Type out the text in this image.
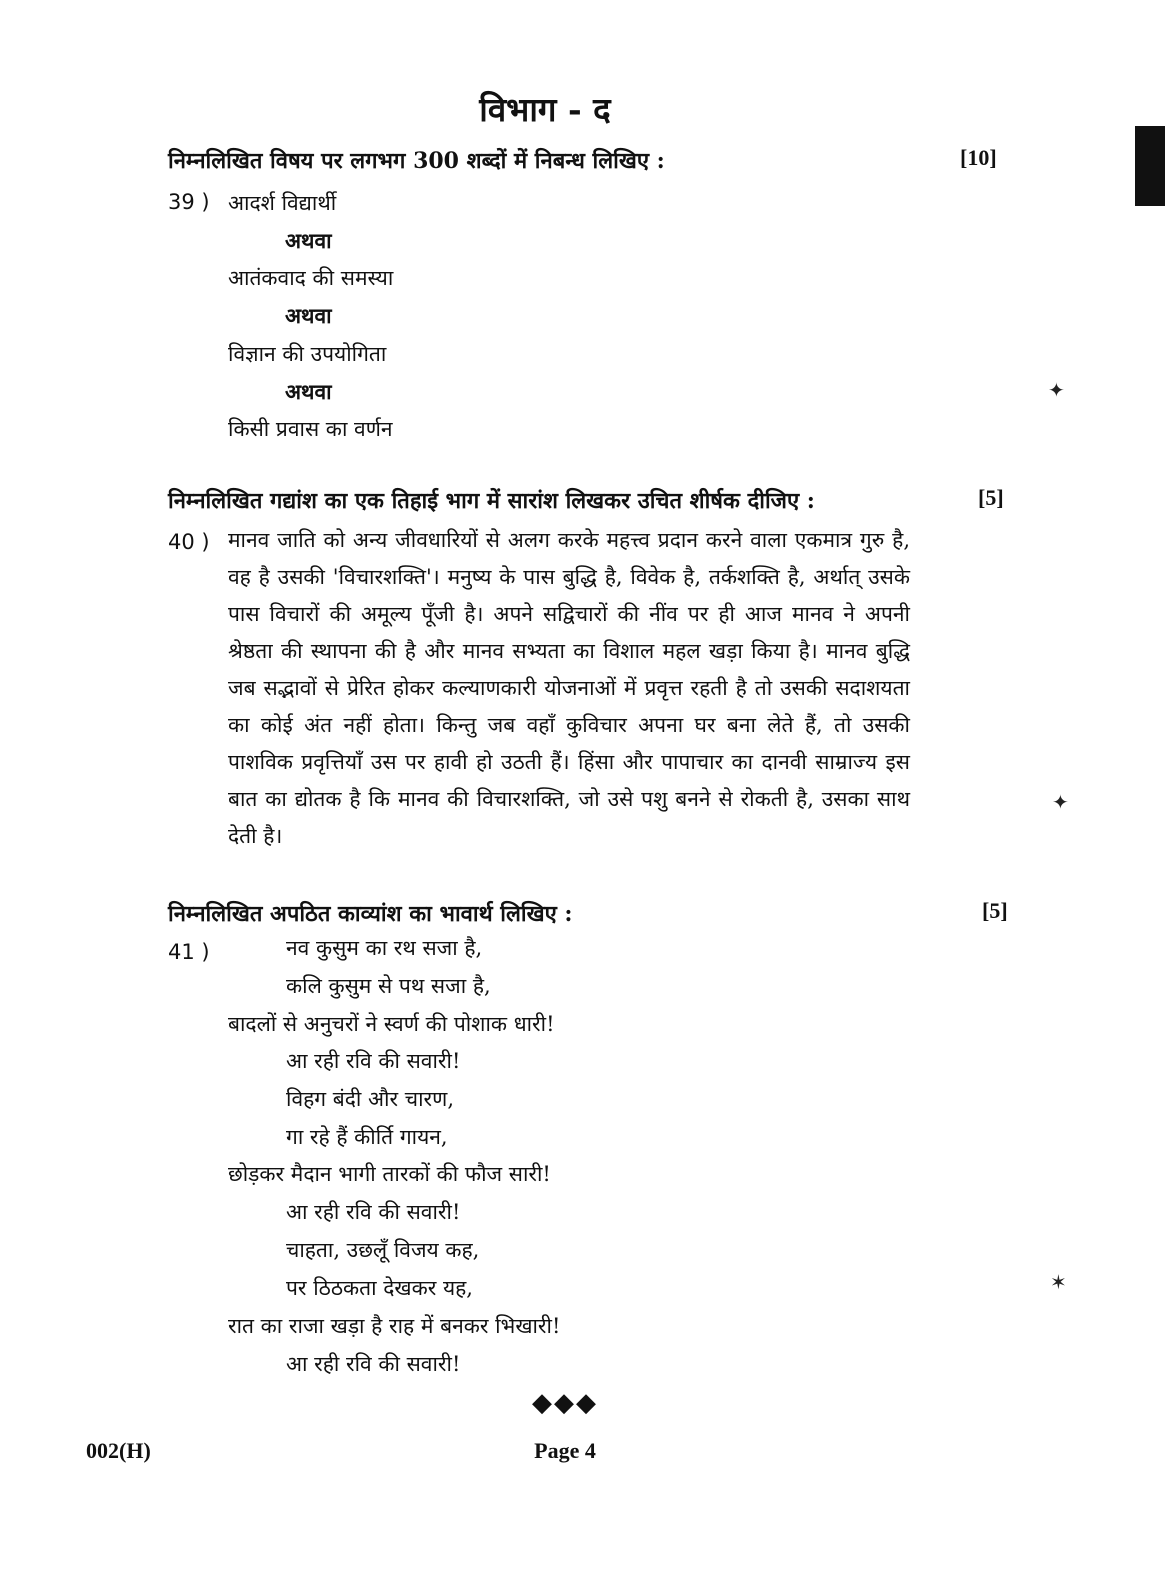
विभाग - द
निम्नलिखित विषय पर लगभग 300 शब्दों में निबन्ध लिखिए :	[10]
39 ) आदर्श विद्यार्थी
अथवा
आतंकवाद की समस्या
अथवा
विज्ञान की उपयोगिता
अथवा
किसी प्रवास का वर्णन
निम्नलिखित गद्यांश का एक तिहाई भाग में सारांश लिखकर उचित शीर्षक दीजिए :	[5]
40 ) मानव जाति को अन्य जीवधारियों से अलग करके महत्त्व प्रदान करने वाला एकमात्र गुरु है, वह है उसकी 'विचारशक्ति'। मनुष्य के पास बुद्धि है, विवेक है, तर्कशक्ति है, अर्थात् उसके पास विचारों की अमूल्य पूँजी है। अपने सद्विचारों की नींव पर ही आज मानव ने अपनी श्रेष्ठता की स्थापना की है और मानव सभ्यता का विशाल महल खड़ा किया है। मानव बुद्धि जब सद्भावों से प्रेरित होकर कल्याणकारी योजनाओं में प्रवृत्त रहती है तो उसकी सदाशयता का कोई अंत नहीं होता। किन्तु जब वहाँ कुविचार अपना घर बना लेते हैं, तो उसकी पाशविक प्रवृत्तियाँ उस पर हावी हो उठती हैं। हिंसा और पापाचार का दानवी साम्राज्य इस बात का द्योतक है कि मानव की विचारशक्ति, जो उसे पशु बनने से रोकती है, उसका साथ देती है।
निम्नलिखित अपठित काव्यांश का भावार्थ लिखिए :	[5]
41 )	नव कुसुम का रथ सजा है,
कलि कुसुम से पथ सजा है,
बादलों से अनुचरों ने स्वर्ण की पोशाक धारी!
आ रही रवि की सवारी!
विहग बंदी और चारण,
गा रहे हैं कीर्ति गायन,
छोड़कर मैदान भागी तारकों की फौज सारी!
आ रही रवि की सवारी!
चाहता, उछलूँ विजय कह,
पर ठिठकता देखकर यह,
रात का राजा खड़ा है राह में बनकर भिखारी!
आ रही रवि की सवारी!
◆◆◆
002(H)	Page 4
✦
✦
✶
